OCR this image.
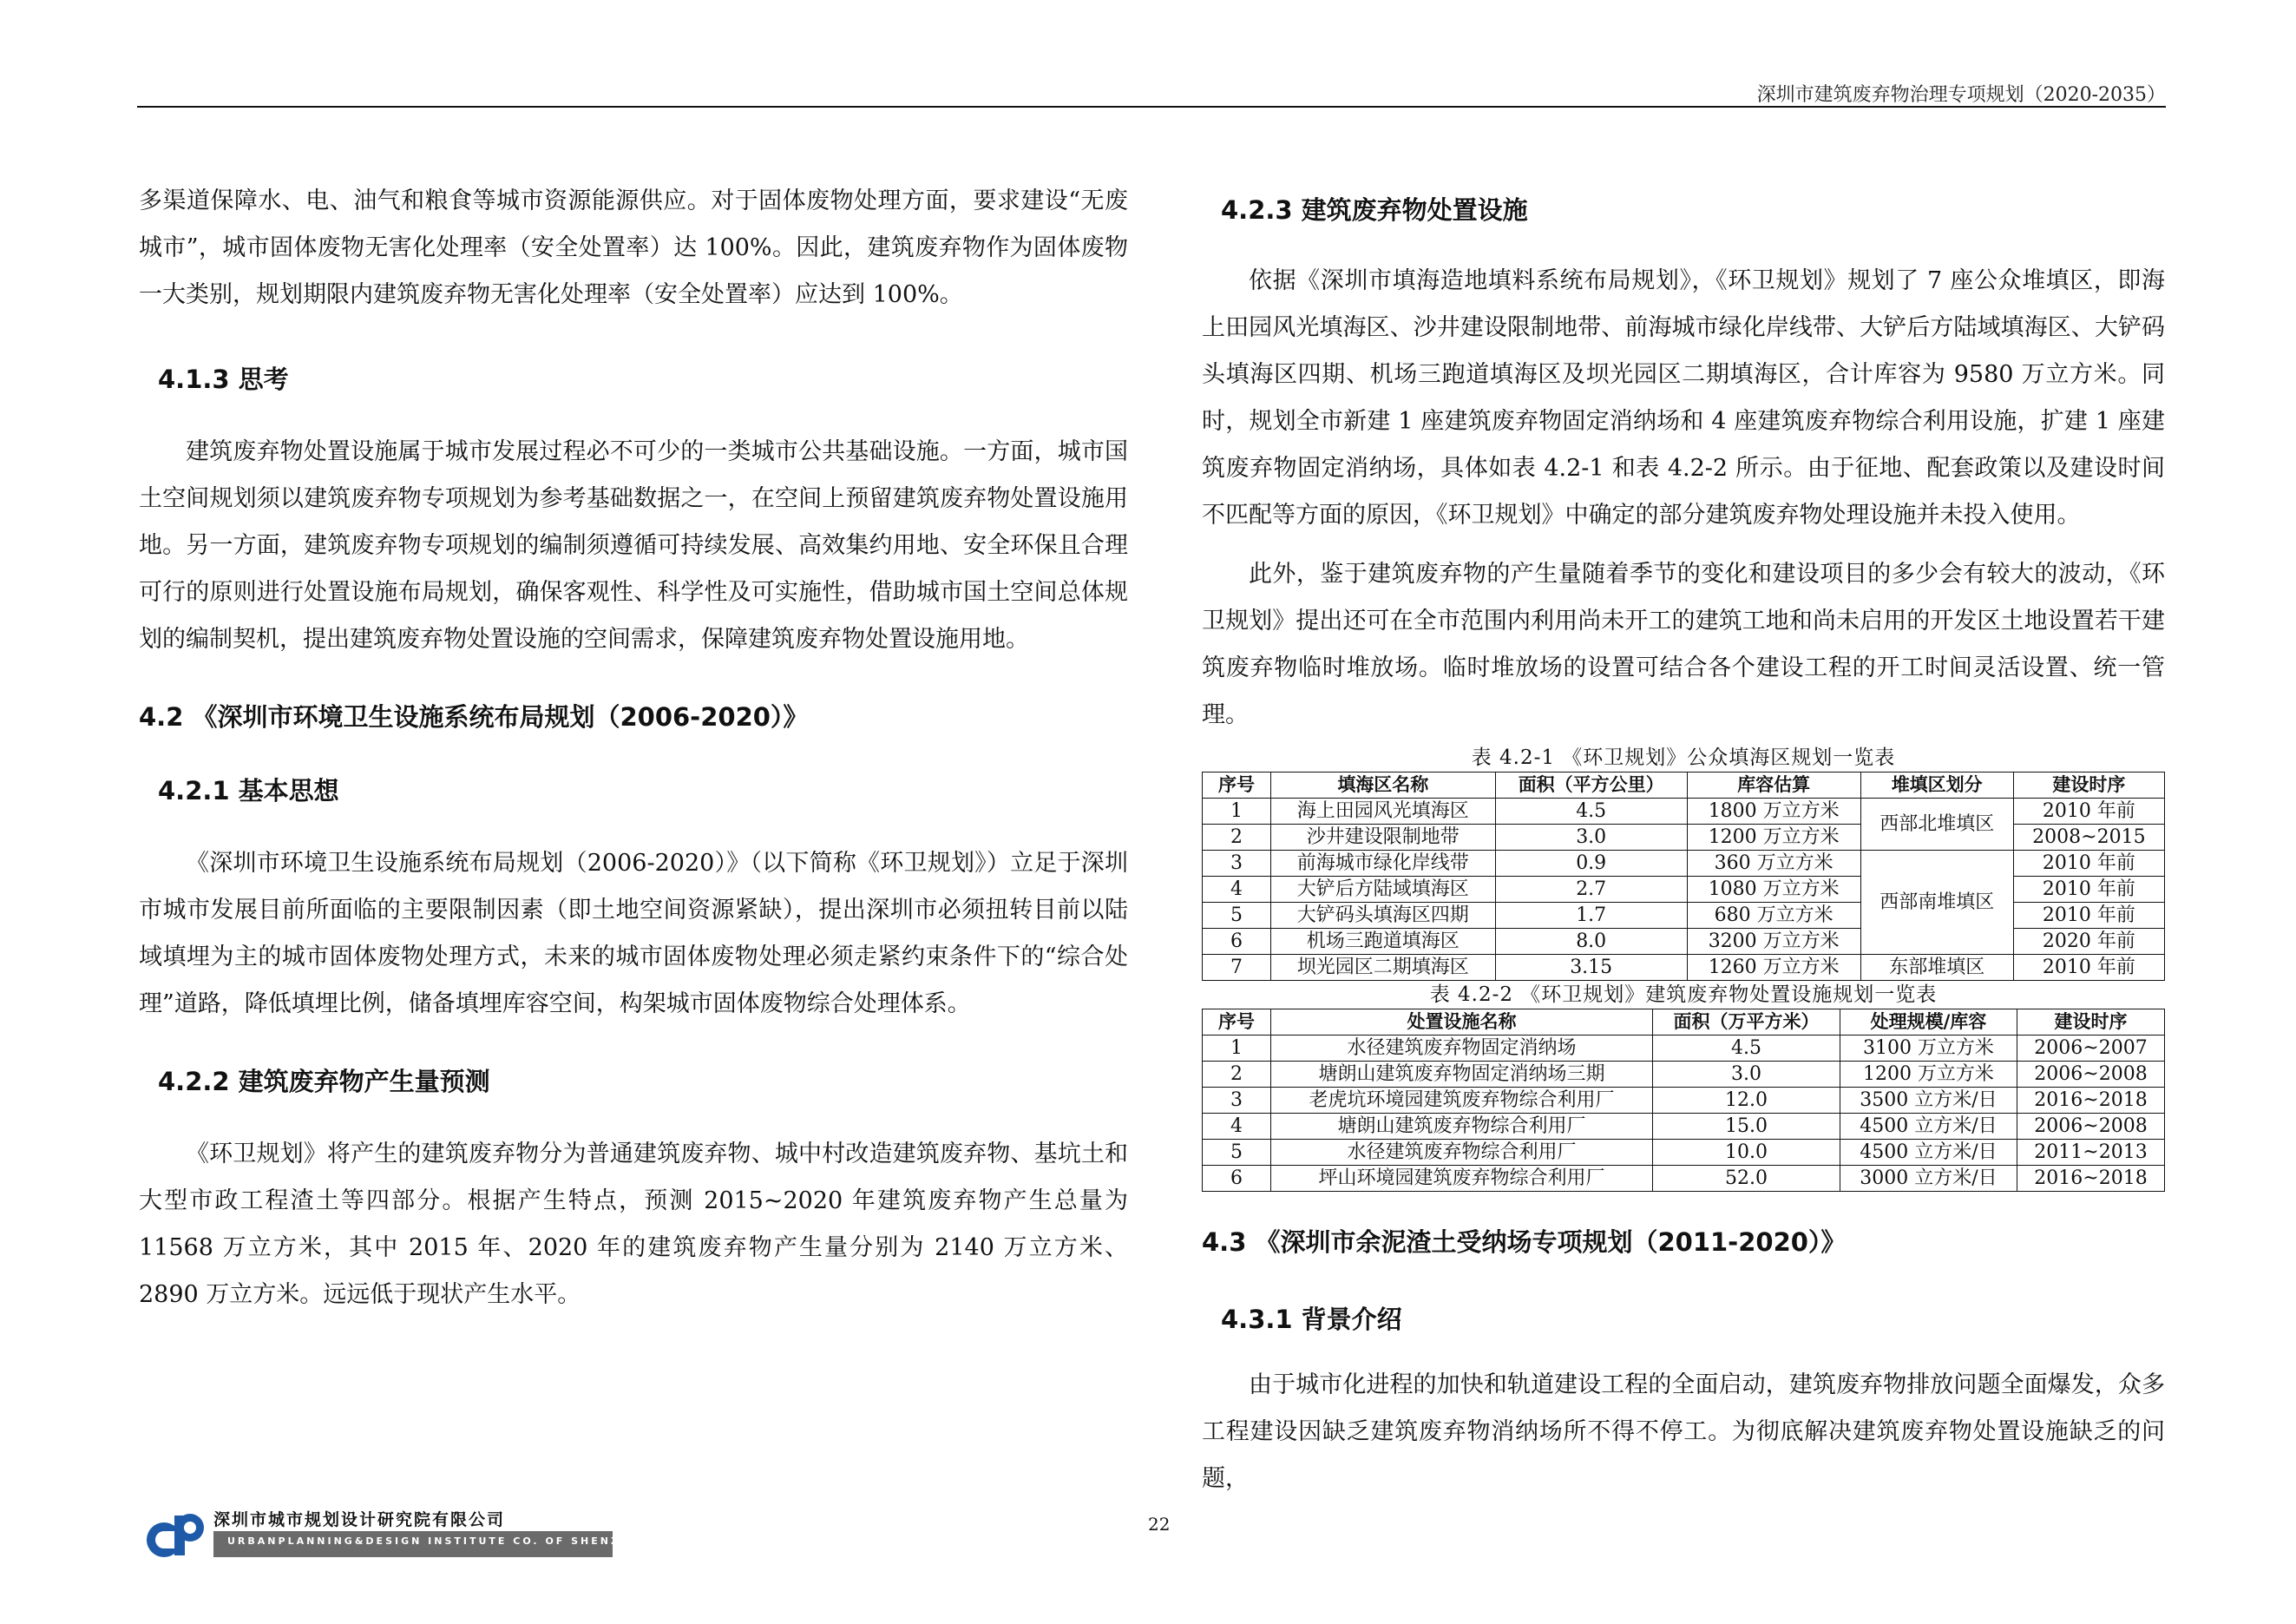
深圳市建筑废弃物治理专项规划（2020-2035）

多渠道保障水、电、油气和粮食等城市资源能源供应。对于固体废物处理方面，要求建设“无废城市”，城市固体废物无害化处理率（安全处置率）达 100%。因此，建筑废弃物作为固体废物一大类别，规划期限内建筑废弃物无害化处理率（安全处置率）应达到 100%。

4.1.3 思考

建筑废弃物处置设施属于城市发展过程必不可少的一类城市公共基础设施。一方面，城市国土空间规划须以建筑废弃物专项规划为参考基础数据之一，在空间上预留建筑废弃物处置设施用地。另一方面，建筑废弃物专项规划的编制须遵循可持续发展、高效集约用地、安全环保且合理可行的原则进行处置设施布局规划，确保客观性、科学性及可实施性，借助城市国土空间总体规划的编制契机，提出建筑废弃物处置设施的空间需求，保障建筑废弃物处置设施用地。

4.2 《深圳市环境卫生设施系统布局规划（2006-2020）》
4.2.1 基本思想

《深圳市环境卫生设施系统布局规划（2006-2020）》（以下简称《环卫规划》）立足于深圳市城市发展目前所面临的主要限制因素（即土地空间资源紧缺），提出深圳市必须扭转目前以陆域填埋为主的城市固体废物处理方式，未来的城市固体废物处理必须走紧约束条件下的“综合处理”道路，降低填埋比例，储备填埋库容空间，构架城市固体废物综合处理体系。

4.2.2 建筑废弃物产生量预测

《环卫规划》将产生的建筑废弃物分为普通建筑废弃物、城中村改造建筑废弃物、基坑土和大型市政工程渣土等四部分。根据产生特点，预测 2015~2020 年建筑废弃物产生总量为 11568 万立方米，其中 2015 年、2020 年的建筑废弃物产生量分别为 2140 万立方米、2890 万立方米。远远低于现状产生水平。

4.2.3 建筑废弃物处置设施

依据《深圳市填海造地填料系统布局规划》，《环卫规划》规划了 7 座公众堆填区，即海上田园风光填海区、沙井建设限制地带、前海城市绿化岸线带、大铲后方陆域填海区、大铲码头填海区四期、机场三跑道填海区及坝光园区二期填海区，合计库容为 9580 万立方米。同时，规划全市新建 1 座建筑废弃物固定消纳场和 4 座建筑废弃物综合利用设施，扩建 1 座建筑废弃物固定消纳场，具体如表 4.2-1 和表 4.2-2 所示。由于征地、配套政策以及建设时间不匹配等方面的原因，《环卫规划》中确定的部分建筑废弃物处理设施并未投入使用。

此外，鉴于建筑废弃物的产生量随着季节的变化和建设项目的多少会有较大的波动，《环卫规划》提出还可在全市范围内利用尚未开工的建筑工地和尚未启用的开发区土地设置若干建筑废弃物临时堆放场。临时堆放场的设置可结合各个建设工程的开工时间灵活设置、统一管理。

表 4.2-1 《环卫规划》公众填海区规划一览表

序号	填海区名称	面积（平方公里）	库容估算	堆填区划分	建设时序
1	海上田园风光填海区	4.5	1800 万立方米	西部北堆填区	2010 年前
2	沙井建设限制地带	3.0	1200 万立方米		2008~2015
3	前海城市绿化岸线带	0.9	360 万立方米	西部南堆填区	2010 年前
4	大铲后方陆域填海区	2.7	1080 万立方米		2010 年前
5	大铲码头填海区四期	1.7	680 万立方米		2010 年前
6	机场三跑道填海区	8.0	3200 万立方米		2020 年前
7	坝光园区二期填海区	3.15	1260 万立方米	东部堆填区	2010 年前

表 4.2-2 《环卫规划》建筑废弃物处置设施规划一览表

序号	处置设施名称	面积（万平方米）	处理规模/库容	建设时序
1	水径建筑废弃物固定消纳场	4.5	3100 万立方米	2006~2007
2	塘朗山建筑废弃物固定消纳场三期	3.0	1200 万立方米	2006~2008
3	老虎坑环境园建筑废弃物综合利用厂	12.0	3500 立方米/日	2016~2018
4	塘朗山建筑废弃物综合利用厂	15.0	4500 立方米/日	2006~2008
5	水径建筑废弃物综合利用厂	10.0	4500 立方米/日	2011~2013
6	坪山环境园建筑废弃物综合利用厂	52.0	3000 立方米/日	2016~2018
4.3 《深圳市余泥渣土受纳场专项规划（2011-2020）》
4.3.1 背景介绍

由于城市化进程的加快和轨道建设工程的全面启动，建筑废弃物排放问题全面爆发，众多工程建设因缺乏建筑废弃物消纳场所不得不停工。为彻底解决建筑废弃物处置设施缺乏的问题，

深圳市城市规划设计研究院有限公司
URBANPLANNING&DESIGN INSTITUTE CO. OF SHENZHEN
22
